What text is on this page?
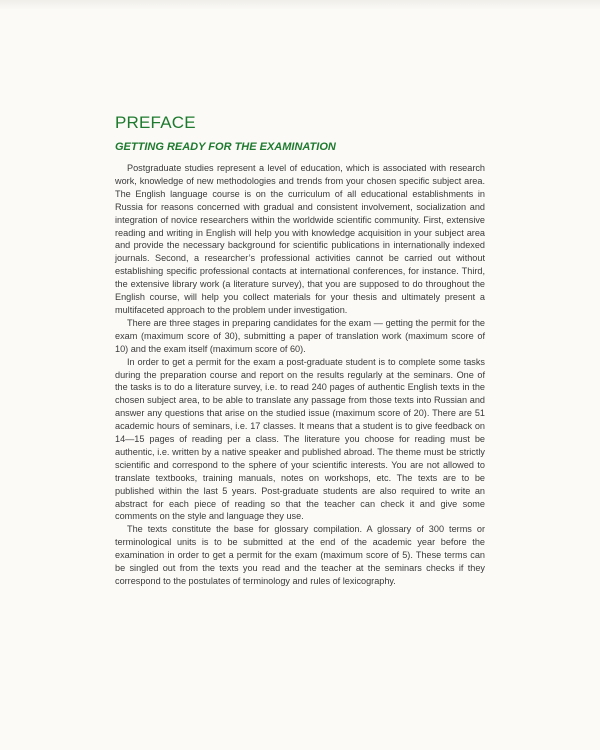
PREFACE
GETTING READY FOR THE EXAMINATION

Postgraduate studies represent a level of education, which is associated with research work, knowledge of new methodologies and trends from your chosen specific subject area. The English language course is on the curriculum of all educational establishments in Russia for reasons concerned with gradual and consistent involvement, socialization and integration of novice researchers within the worldwide scientific community. First, extensive reading and writing in English will help you with knowledge acquisition in your subject area and provide the necessary background for scientific publications in internationally indexed journals. Second, a researcher’s professional activities cannot be carried out without establishing specific professional contacts at international conferences, for instance. Third, the extensive library work (a literature survey), that you are supposed to do throughout the English course, will help you collect materials for your thesis and ultimately present a multifaceted approach to the problem under investigation.

There are three stages in preparing candidates for the exam — getting the permit for the exam (maximum score of 30), submitting a paper of translation work (maximum score of 10) and the exam itself (maximum score of 60).

In order to get a permit for the exam a post-graduate student is to complete some tasks during the preparation course and report on the results regularly at the seminars. One of the tasks is to do a literature survey, i.e. to read 240 pages of authentic English texts in the chosen subject area, to be able to translate any passage from those texts into Russian and answer any questions that arise on the studied issue (maximum score of 20). There are 51 academic hours of seminars, i.e. 17 classes. It means that a student is to give feedback on 14—15 pages of reading per a class. The literature you choose for reading must be authentic, i.e. written by a native speaker and published abroad. The theme must be strictly scientific and correspond to the sphere of your scientific interests. You are not allowed to translate textbooks, training manuals, notes on workshops, etc. The texts are to be published within the last 5 years. Post-graduate students are also required to write an abstract for each piece of reading so that the teacher can check it and give some comments on the style and language they use.

The texts constitute the base for glossary compilation. A glossary of 300 terms or terminological units is to be submitted at the end of the academic year before the examination in order to get a permit for the exam (maximum score of 5). These terms can be singled out from the texts you read and the teacher at the seminars checks if they correspond to the postulates of terminology and rules of lexicography.
